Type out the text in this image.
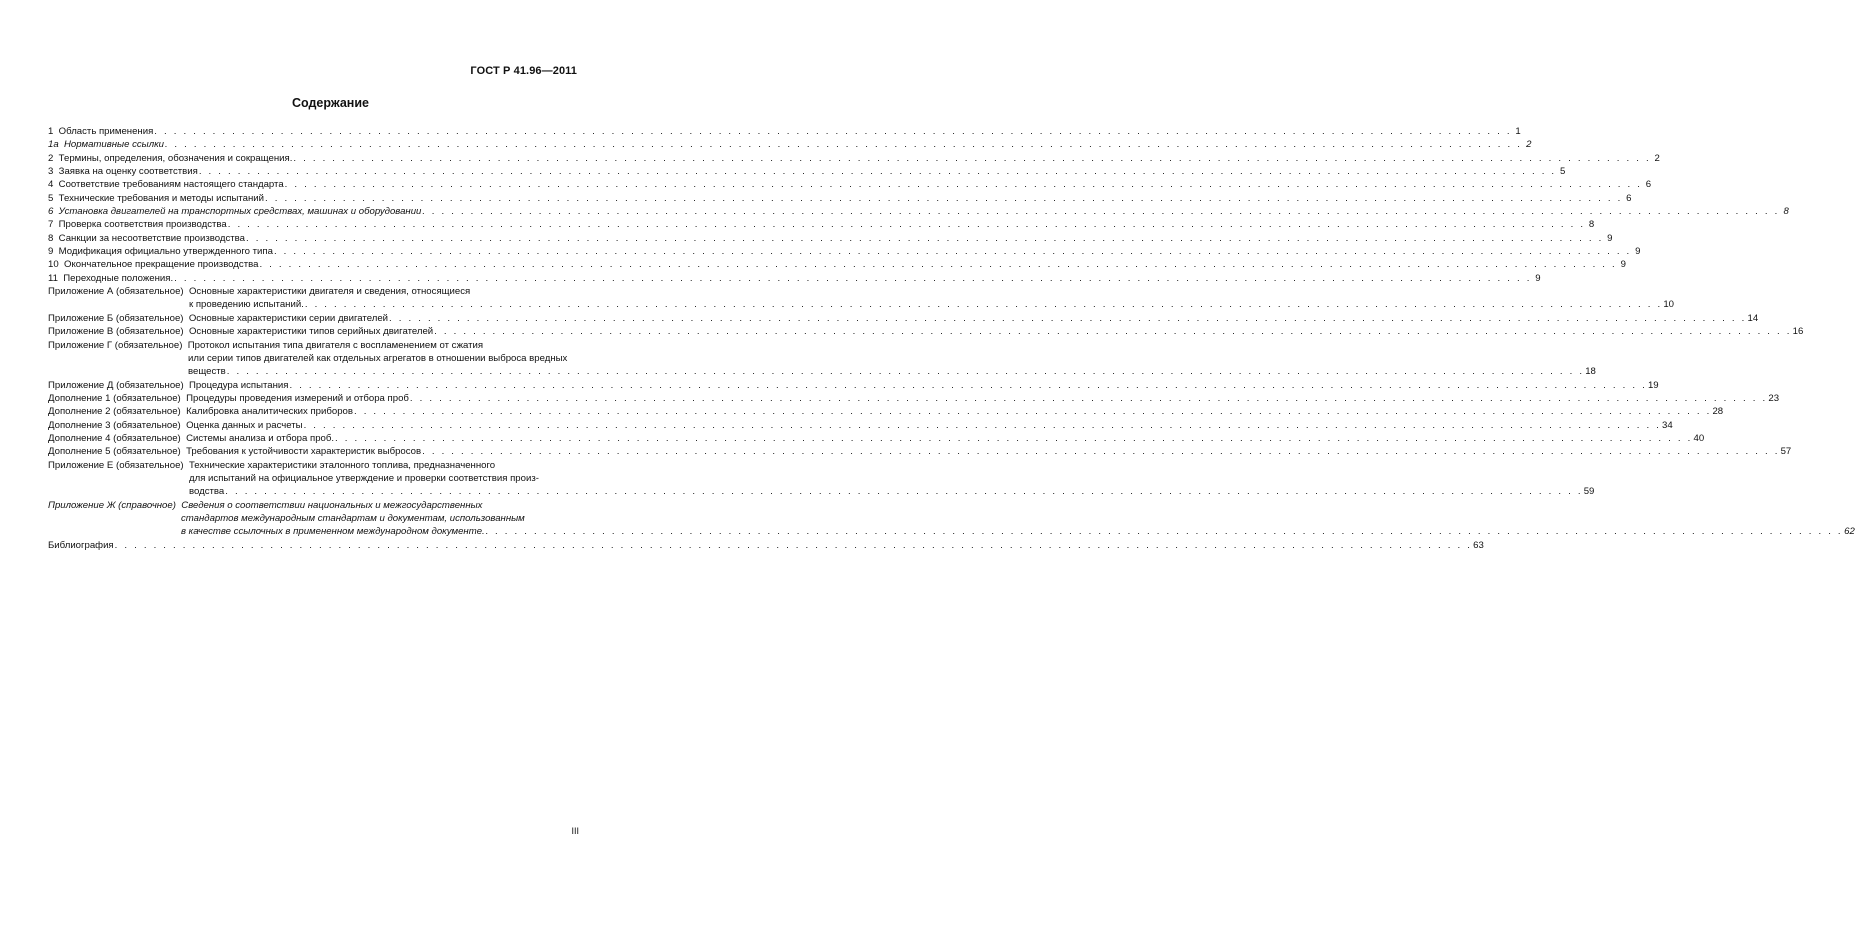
ГОСТ Р 41.96—2011
Содержание
1  Область применения . . . . . . . . . . . . . . . . . . . . . . . . . . . . . . . . . . . . . . . . . . . . . . . . . . . . . . . . . . . . . . . . . . . . . . . . . . . . . . . . . . . . . . . . . . . . . . . . . . . . . . . . . . . . . . . . . . . . . . . . . . . . . . . . . . . . . . . . . . . . 1
1а  Нормативные ссылки . . . . . . . . . . . . . . . . . . . . . . . . . . . . . . . . . . . . . . . . . . . . . . . . . . . . . . . . . . . . . . . . . . . . . . . . . . . . . . . . . . . . . . . . . . . . . . . . . . . . . . . . . . . . . . . . . . . . . . . . . . . . . . . . . . . . . . . . . . . . 2
2  Термины, определения, обозначения и сокращения. . . . . . . . . . . . . . . . . . . . . . . . . . . . . . . . . . . . . . . . . . . . . . . . . . . . . . . . . . . . . . . . . . . . . . . . . . . . . . . . . . . . . . . . . . . . . . . . . . . . . . . . . . . . . . . . . . . . . . . . . . . . . . . . . . . . . . . . . . . . . 2
3  Заявка на оценку соответствия . . . . . . . . . . . . . . . . . . . . . . . . . . . . . . . . . . . . . . . . . . . . . . . . . . . . . . . . . . . . . . . . . . . . . . . . . . . . . . . . . . . . . . . . . . . . . . . . . . . . . . . . . . . . . . . . . . . . . . . . . . . . . . . . . . . . . . . . . . . . 5
4  Соответствие требованиям настоящего стандарта . . . . . . . . . . . . . . . . . . . . . . . . . . . . . . . . . . . . . . . . . . . . . . . . . . . . . . . . . . . . . . . . . . . . . . . . . . . . . . . . . . . . . . . . . . . . . . . . . . . . . . . . . . . . . . . . . . . . . . . . . . . . . . . . . . . . . . . . . . . . 6
5  Технические требования и методы испытаний . . . . . . . . . . . . . . . . . . . . . . . . . . . . . . . . . . . . . . . . . . . . . . . . . . . . . . . . . . . . . . . . . . . . . . . . . . . . . . . . . . . . . . . . . . . . . . . . . . . . . . . . . . . . . . . . . . . . . . . . . . . . . . . . . . . . . . . . . . . . 6
6  Установка двигателей на транспортных средствах, машинах и оборудовании . . . . . . . . . . . . . . . . . . . . . . . . . . . . . . . . . . . . . . . . . . . . . . . . . . . . . . . . . . . . . . . . . . . . . . . . . . . . . . . . . . . . . . . . . . . . . . . . . . . . . . . . . . . . . . . . . . . . . . . . . . . . . . . . . . . . . . . . . . . . 8
7  Проверка соответствия производства . . . . . . . . . . . . . . . . . . . . . . . . . . . . . . . . . . . . . . . . . . . . . . . . . . . . . . . . . . . . . . . . . . . . . . . . . . . . . . . . . . . . . . . . . . . . . . . . . . . . . . . . . . . . . . . . . . . . . . . . . . . . . . . . . . . . . . . . . . . . 8
8  Санкции за несоответствие производства . . . . . . . . . . . . . . . . . . . . . . . . . . . . . . . . . . . . . . . . . . . . . . . . . . . . . . . . . . . . . . . . . . . . . . . . . . . . . . . . . . . . . . . . . . . . . . . . . . . . . . . . . . . . . . . . . . . . . . . . . . . . . . . . . . . . . . . . . . . . 9
9  Модификация официально утвержденного типа . . . . . . . . . . . . . . . . . . . . . . . . . . . . . . . . . . . . . . . . . . . . . . . . . . . . . . . . . . . . . . . . . . . . . . . . . . . . . . . . . . . . . . . . . . . . . . . . . . . . . . . . . . . . . . . . . . . . . . . . . . . . . . . . . . . . . . . . . . . . 9
10  Окончательное прекращение производства . . . . . . . . . . . . . . . . . . . . . . . . . . . . . . . . . . . . . . . . . . . . . . . . . . . . . . . . . . . . . . . . . . . . . . . . . . . . . . . . . . . . . . . . . . . . . . . . . . . . . . . . . . . . . . . . . . . . . . . . . . . . . . . . . . . . . . . . . . . . 9
11  Переходные положения. . . . . . . . . . . . . . . . . . . . . . . . . . . . . . . . . . . . . . . . . . . . . . . . . . . . . . . . . . . . . . . . . . . . . . . . . . . . . . . . . . . . . . . . . . . . . . . . . . . . . . . . . . . . . . . . . . . . . . . . . . . . . . . . . . . . . . . . . . . . . 9
Приложение А (обязательное) Основные характеристики двигателя и сведения, относящиеся
к проведению испытаний. . . . . . . . . . . . . . . . . . . . . . . . . . . . . . . . . . . . . . . . . . . . . . . . . . . . . . . . . . . . . . . . . . . . . . . . . . . . . . . . . . . . . . . . . . . . . . . . . . . . . . . . . . . . . . . . . . . . . . . . . . . . . . . . . . . . . . . . . . . . . 10
Приложение Б (обязательное) Основные характеристики серии двигателей . . . . . . . . . . . . . . . . . . . . . . . . . . . . . . . . . . . . . . . . . . . . . . . . . . . . . . . . . . . . . . . . . . . . . . . . . . . . . . . . . . . . . . . . . . . . . . . . . . . . . . . . . . . . . . . . . . . . . . . . . . . . . . . . . . . . . . . . . . . . 14
Приложение В (обязательное) Основные характеристики типов серийных двигателей . . . . . . . . . . . . . . . . . . . . . . . . . . . . . . . . . . . . . . . . . . . . . . . . . . . . . . . . . . . . . . . . . . . . . . . . . . . . . . . . . . . . . . . . . . . . . . . . . . . . . . . . . . . . . . . . . . . . . . . . . . . . . . . . . . . . . . . . . . . . 16
Приложение Г (обязательное) Протокол испытания типа двигателя с воспламенением от сжатия
или серии типов двигателей как отдельных агрегатов в отношении выброса вредных
веществ . . . . . . . . . . . . . . . . . . . . . . . . . . . . . . . . . . . . . . . . . . . . . . . . . . . . . . . . . . . . . . . . . . . . . . . . . . . . . . . . . . . . . . . . . . . . . . . . . . . . . . . . . . . . . . . . . . . . . . . . . . . . . . . . . . . . . . . . . . . . 18
Приложение Д (обязательное) Процедура испытания . . . . . . . . . . . . . . . . . . . . . . . . . . . . . . . . . . . . . . . . . . . . . . . . . . . . . . . . . . . . . . . . . . . . . . . . . . . . . . . . . . . . . . . . . . . . . . . . . . . . . . . . . . . . . . . . . . . . . . . . . . . . . . . . . . . . . . . . . . . . 19
Дополнение 1 (обязательное) Процедуры проведения измерений и отбора проб . . . . . . . . . . . . . . . . . . . . . . . . . . . . . . . . . . . . . . . . . . . . . . . . . . . . . . . . . . . . . . . . . . . . . . . . . . . . . . . . . . . . . . . . . . . . . . . . . . . . . . . . . . . . . . . . . . . . . . . . . . . . . . . . . . . . . . . . . . . . 23
Дополнение 2 (обязательное) Калибровка аналитических приборов . . . . . . . . . . . . . . . . . . . . . . . . . . . . . . . . . . . . . . . . . . . . . . . . . . . . . . . . . . . . . . . . . . . . . . . . . . . . . . . . . . . . . . . . . . . . . . . . . . . . . . . . . . . . . . . . . . . . . . . . . . . . . . . . . . . . . . . . . . . . 28
Дополнение 3 (обязательное) Оценка данных и расчеты . . . . . . . . . . . . . . . . . . . . . . . . . . . . . . . . . . . . . . . . . . . . . . . . . . . . . . . . . . . . . . . . . . . . . . . . . . . . . . . . . . . . . . . . . . . . . . . . . . . . . . . . . . . . . . . . . . . . . . . . . . . . . . . . . . . . . . . . . . . . 34
Дополнение 4 (обязательное) Системы анализа и отбора проб. . . . . . . . . . . . . . . . . . . . . . . . . . . . . . . . . . . . . . . . . . . . . . . . . . . . . . . . . . . . . . . . . . . . . . . . . . . . . . . . . . . . . . . . . . . . . . . . . . . . . . . . . . . . . . . . . . . . . . . . . . . . . . . . . . . . . . . . . . . . . 40
Дополнение 5 (обязательное) Требования к устойчивости характеристик выбросов . . . . . . . . . . . . . . . . . . . . . . . . . . . . . . . . . . . . . . . . . . . . . . . . . . . . . . . . . . . . . . . . . . . . . . . . . . . . . . . . . . . . . . . . . . . . . . . . . . . . . . . . . . . . . . . . . . . . . . . . . . . . . . . . . . . . . . . . . . . . 57
Приложение Е (обязательное) Технические характеристики эталонного топлива, предназначенного
для испытаний на официальное утверждение и проверки соответствия произ-
водства . . . . . . . . . . . . . . . . . . . . . . . . . . . . . . . . . . . . . . . . . . . . . . . . . . . . . . . . . . . . . . . . . . . . . . . . . . . . . . . . . . . . . . . . . . . . . . . . . . . . . . . . . . . . . . . . . . . . . . . . . . . . . . . . . . . . . . . . . . . . 59
Приложение Ж (справочное) Сведения о соответствии национальных и межгосударственных
стандартов международным стандартам и документам, использованным
в качестве ссылочных в примененном международном документе. . . . . . . . . . . . . . . . . . . . . . . . . . . . . . . . . . . . . . . . . . . . . . . . . . . . . . . . . . . . . . . . . . . . . . . . . . . . . . . . . . . . . . . . . . . . . . . . . . . . . . . . . . . . . . . . . . . . . . . . . . . . . . . . . . . . . . . . . . . . . 62
Библиография . . . . . . . . . . . . . . . . . . . . . . . . . . . . . . . . . . . . . . . . . . . . . . . . . . . . . . . . . . . . . . . . . . . . . . . . . . . . . . . . . . . . . . . . . . . . . . . . . . . . . . . . . . . . . . . . . . . . . . . . . . . . . . . . . . . . . . . . . . . . 63
III
